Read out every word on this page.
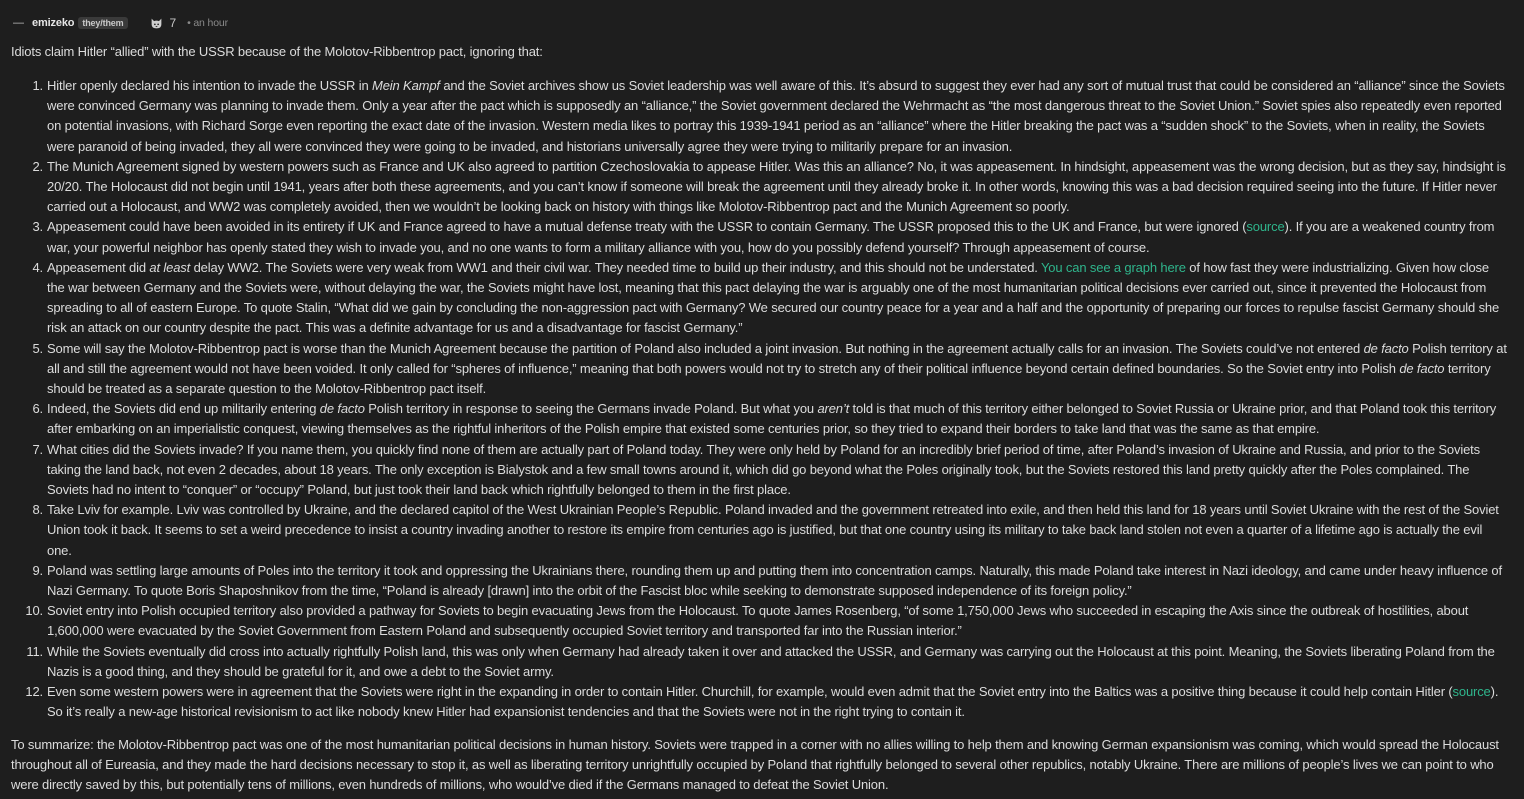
— emizeko they/them	7 • an hour

Idiots claim Hitler “allied” with the USSR because of the Molotov-Ribbentrop pact, ignoring that:

1. Hitler openly declared his intention to invade the USSR in Mein Kampf and the Soviet archives show us Soviet leadership was well aware of this. It’s absurd to suggest they ever had any sort of mutual trust that could be considered an “alliance” since the Soviets were convinced Germany was planning to invade them. Only a year after the pact which is supposedly an “alliance,” the Soviet government declared the Wehrmacht as “the most dangerous threat to the Soviet Union.” Soviet spies also repeatedly even reported on potential invasions, with Richard Sorge even reporting the exact date of the invasion. Western media likes to portray this 1939-1941 period as an “alliance” where the Hitler breaking the pact was a “sudden shock” to the Soviets, when in reality, the Soviets were paranoid of being invaded, they all were convinced they were going to be invaded, and historians universally agree they were trying to militarily prepare for an invasion.
2. The Munich Agreement signed by western powers such as France and UK also agreed to partition Czechoslovakia to appease Hitler. Was this an alliance? No, it was appeasement. In hindsight, appeasement was the wrong decision, but as they say, hindsight is 20/20. The Holocaust did not begin until 1941, years after both these agreements, and you can’t know if someone will break the agreement until they already broke it. In other words, knowing this was a bad decision required seeing into the future. If Hitler never carried out a Holocaust, and WW2 was completely avoided, then we wouldn’t be looking back on history with things like Molotov-Ribbentrop pact and the Munich Agreement so poorly.
3. Appeasement could have been avoided in its entirety if UK and France agreed to have a mutual defense treaty with the USSR to contain Germany. The USSR proposed this to the UK and France, but were ignored (source). If you are a weakened country from war, your powerful neighbor has openly stated they wish to invade you, and no one wants to form a military alliance with you, how do you possibly defend yourself? Through appeasement of course.
4. Appeasement did at least delay WW2. The Soviets were very weak from WW1 and their civil war. They needed time to build up their industry, and this should not be understated. You can see a graph here of how fast they were industrializing. Given how close the war between Germany and the Soviets were, without delaying the war, the Soviets might have lost, meaning that this pact delaying the war is arguably one of the most humanitarian political decisions ever carried out, since it prevented the Holocaust from spreading to all of eastern Europe. To quote Stalin, “What did we gain by concluding the non-aggression pact with Germany? We secured our country peace for a year and a half and the opportunity of preparing our forces to repulse fascist Germany should she risk an attack on our country despite the pact. This was a definite advantage for us and a disadvantage for fascist Germany.”
5. Some will say the Molotov-Ribbentrop pact is worse than the Munich Agreement because the partition of Poland also included a joint invasion. But nothing in the agreement actually calls for an invasion. The Soviets could’ve not entered de facto Polish territory at all and still the agreement would not have been voided. It only called for “spheres of influence,” meaning that both powers would not try to stretch any of their political influence beyond certain defined boundaries. So the Soviet entry into Polish de facto territory should be treated as a separate question to the Molotov-Ribbentrop pact itself.
6. Indeed, the Soviets did end up militarily entering de facto Polish territory in response to seeing the Germans invade Poland. But what you aren’t told is that much of this territory either belonged to Soviet Russia or Ukraine prior, and that Poland took this territory after embarking on an imperialistic conquest, viewing themselves as the rightful inheritors of the Polish empire that existed some centuries prior, so they tried to expand their borders to take land that was the same as that empire.
7. What cities did the Soviets invade? If you name them, you quickly find none of them are actually part of Poland today. They were only held by Poland for an incredibly brief period of time, after Poland’s invasion of Ukraine and Russia, and prior to the Soviets taking the land back, not even 2 decades, about 18 years. The only exception is Bialystok and a few small towns around it, which did go beyond what the Poles originally took, but the Soviets restored this land pretty quickly after the Poles complained. The Soviets had no intent to “conquer” or “occupy” Poland, but just took their land back which rightfully belonged to them in the first place.
8. Take Lviv for example. Lviv was controlled by Ukraine, and the declared capitol of the West Ukrainian People’s Republic. Poland invaded and the government retreated into exile, and then held this land for 18 years until Soviet Ukraine with the rest of the Soviet Union took it back. It seems to set a weird precedence to insist a country invading another to restore its empire from centuries ago is justified, but that one country using its military to take back land stolen not even a quarter of a lifetime ago is actually the evil one.
9. Poland was settling large amounts of Poles into the territory it took and oppressing the Ukrainians there, rounding them up and putting them into concentration camps. Naturally, this made Poland take interest in Nazi ideology, and came under heavy influence of Nazi Germany. To quote Boris Shaposhnikov from the time, “Poland is already [drawn] into the orbit of the Fascist bloc while seeking to demonstrate supposed independence of its foreign policy.”
10. Soviet entry into Polish occupied territory also provided a pathway for Soviets to begin evacuating Jews from the Holocaust. To quote James Rosenberg, “of some 1,750,000 Jews who succeeded in escaping the Axis since the outbreak of hostilities, about 1,600,000 were evacuated by the Soviet Government from Eastern Poland and subsequently occupied Soviet territory and transported far into the Russian interior.”
11. While the Soviets eventually did cross into actually rightfully Polish land, this was only when Germany had already taken it over and attacked the USSR, and Germany was carrying out the Holocaust at this point. Meaning, the Soviets liberating Poland from the Nazis is a good thing, and they should be grateful for it, and owe a debt to the Soviet army.
12. Even some western powers were in agreement that the Soviets were right in the expanding in order to contain Hitler. Churchill, for example, would even admit that the Soviet entry into the Baltics was a positive thing because it could help contain Hitler (source). So it’s really a new-age historical revisionism to act like nobody knew Hitler had expansionist tendencies and that the Soviets were not in the right trying to contain it.

To summarize: the Molotov-Ribbentrop pact was one of the most humanitarian political decisions in human history. Soviets were trapped in a corner with no allies willing to help them and knowing German expansionism was coming, which would spread the Holocaust throughout all of Eureasia, and they made the hard decisions necessary to stop it, as well as liberating territory unrightfully occupied by Poland that rightfully belonged to several other republics, notably Ukraine. There are millions of people’s lives we can point to who were directly saved by this, but potentially tens of millions, even hundreds of millions, who would’ve died if the Germans managed to defeat the Soviet Union.
